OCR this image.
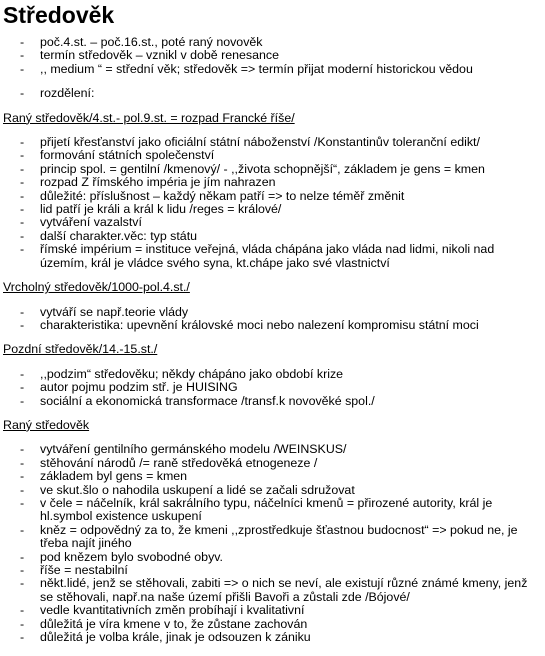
Středověk
- poč.4.st. – poč.16.st., poté raný novověk
- termín středověk – vznikl v době renesance
- ,, medium “ = střední věk; středověk => termín přijat moderní historickou vědou
- rozdělení:

Raný středověk/4.st.- pol.9.st. = rozpad Francké říše/

- přijetí křesťanství jako oficiální státní náboženství /Konstantinův toleranční edikt/
- formování státních společenství
- princip spol. = gentilní /kmenový/ - ,,života schopnější“, základem je gens = kmen
- rozpad Z římského impéria je jím nahrazen
- důležité: příslušnost – každý někam patří => to nelze téměř změnit
- lid patří je králi a král k lidu /reges = králové/
- vytváření vazalství
- další charakter.věc: typ státu
- římské impérium = instituce veřejná, vláda chápána jako vláda nad lidmi, nikoli nad územím, král je vládce svého syna, kt.chápe jako své vlastnictví

Vrcholný středověk/1000-pol.4.st./

- vytváří se např.teorie vlády
- charakteristika: upevnění královské moci nebo nalezení kompromisu státní moci

Pozdní středověk/14.-15.st./

- ,,podzim“ středověku; někdy chápáno jako období krize
- autor pojmu podzim stř. je HUISING
- sociální a ekonomická transformace /transf.k novověké spol./

Raný středověk

- vytváření gentilního germánského modelu /WEINSKUS/
- stěhování národů /= raně středověká etnogeneze /
- základem byl gens = kmen
- ve skut.šlo o nahodila uskupení a lidé se začali sdružovat
- v čele = náčelník, král sakrálního typu, náčelníci kmenů = přirozené autority, král je hl.symbol existence uskupení
- kněz = odpovědný za to, že kmeni ,,zprostředkuje šťastnou budocnost“ => pokud ne, je třeba najít jiného
- pod knězem bylo svobodné obyv.
- říše = nestabilní
- někt.lidé, jenž se stěhovali, zabiti => o nich se neví, ale existují různé známé kmeny, jenž se stěhovali, např.na naše území přišli Bavoři a zůstali zde /Bójové/
- vedle kvantitativních změn probíhají i kvalitativní
- důležitá je víra kmene v to, že zůstane zachován
- důležitá je volba krále, jinak je odsouzen k zániku
